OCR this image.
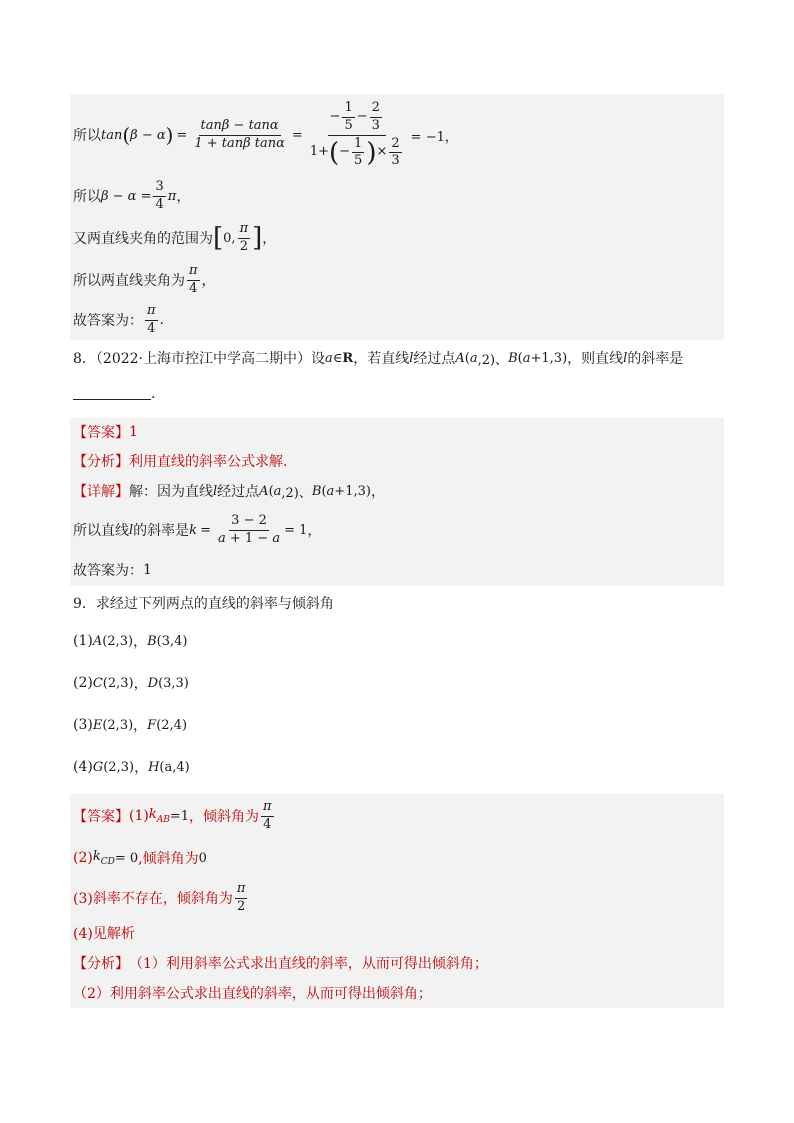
所以 tan ( β − α ) = $\frac{\tan\beta - \tan\alpha}{\text{1 + tanβ tanα}}$ =
− $\frac{1}{5} - \frac{2}{3}$
1+ ( − $\frac{1}{5}$ ) × $\frac{2}{3} = -1$，
所以 $\beta - \alpha = \frac{3}{4}$ π ，
又两直线夹角的范围为 [ 0, $\frac{\pi}{2}$ ] ，
所以两直线夹角为 $\frac{\pi}{4}$ ，
故答案为： $\frac{\pi}{4}$ .
8．（2022·上海市控江中学高二期中）设 a ∈ R ，若直线 l 经过点 A ( a ,2)、 B ( a +1,3) ，则直线 l 的斜率是
.
【答案】 1
【分析】 利用直线的斜率公式求解.
【详解】 解：因为直线 l 经过点 A ( a ,2)、 B ( a +1,3) ，
所以直线 l 的斜率是 $k = \frac{3 - 2}{a + 1 - a} = 1$ ，
故答案为： 1
9．求经过下列两点的直线的斜率与倾斜角
(1) A (2,3) ， B (3,4)
(2) C (2,3) ， D (3,3)
(3) E (2,3) ， F (2,4)
(4) G (2,3) ， H (a,4)
【答案】 (1) $k_{AB} =1$ ，倾斜角为 $\frac{\pi}{4}$
(2) $k_{CD} = 0$ ,倾斜角为 0
(3)斜率不存在，倾斜角为 $\frac{\pi}{2}$
(4)见解析
【分析】 （1）利用斜率公式求出直线的斜率，从而可得出倾斜角；
（2）利用斜率公式求出直线的斜率，从而可得出倾斜角；
